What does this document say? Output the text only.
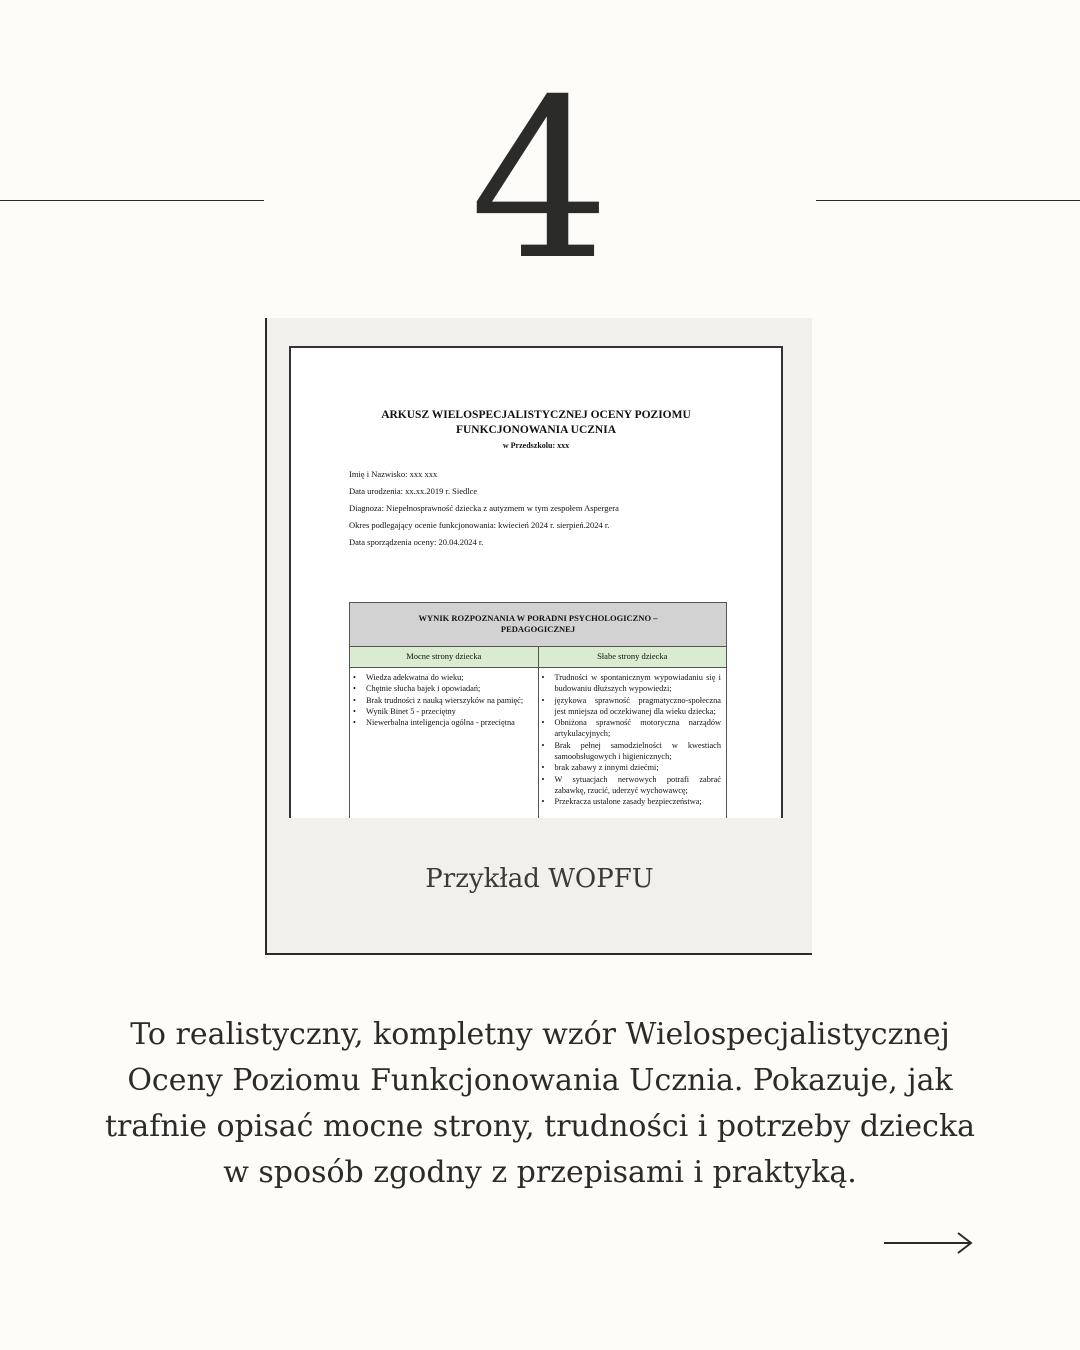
4
ARKUSZ WIELOSPECJALISTYCZNEJ OCENY POZIOMU
FUNKCJONOWANIA UCZNIA
w Przedszkolu: xxx
Imię i Nazwisko: xxx xxx
Data urodzenia: xx.xx.2019 r. Siedlce
Diagnoza: Niepełnosprawność dziecka z autyzmem w tym zespołem Aspergera
Okres podlegający ocenie funkcjonowania: kwiecień 2024 r. sierpień.2024 r.
Data sporządzenia oceny: 20.04.2024 r.
WYNIK ROZPOZNANIA W PORADNI PSYCHOLOGICZNO –
PEDAGOGICZNEJ
Mocne strony dziecka	Słabe strony dziecka
• Wiedza adekwatna do wieku;
• Chętnie słucha bajek i opowiadań;
• Brak trudności z nauką wierszyków na pamięć;
• Wynik Binet 5 - przeciętny
• Niewerbalna inteligencja ogólna - przeciętna
• Trudności w spontanicznym wypowiadaniu się i budowaniu dłuższych wypowiedzi;
• językowa sprawność pragmatyczno-społeczna jest mniejsza od oczekiwanej dla wieku dziecka;
• Obniżona sprawność motoryczna narządów artykulacyjnych;
• Brak pełnej samodzielności w kwestiach samoobsługowych i higienicznych;
• brak zabawy z innymi dziećmi;
• W sytuacjach nerwowych potrafi zabrać zabawkę, rzucić, uderzyć wychowawcę;
• Przekracza ustalone zasady bezpieczeństwa;
Przykład WOPFU
To realistyczny, kompletny wzór Wielospecjalistycznej
Oceny Poziomu Funkcjonowania Ucznia. Pokazuje, jak
trafnie opisać mocne strony, trudności i potrzeby dziecka
w sposób zgodny z przepisami i praktyką.
